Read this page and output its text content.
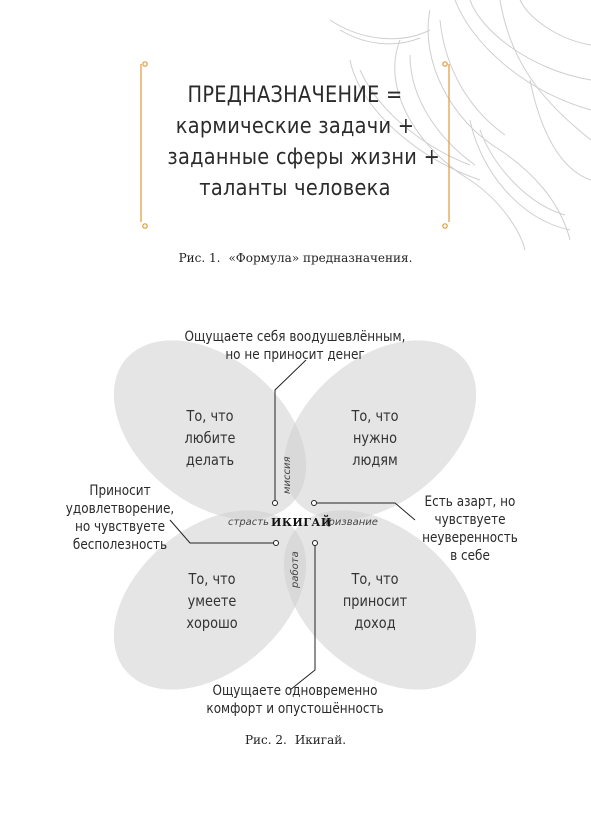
ПРЕДНАЗНАЧЕНИЕ =
кармические задачи +
заданные сферы жизни +
таланты человека
Рис. 1. «Формула» предназначения.
Ощущаете себя воодушевлённым,
но не приносит денег
Приносит
удовлетворение,
но чувствуете
бесполезность
Есть азарт, но
чувствуете
неуверенность
в себе
Ощущаете одновременно
комфорт и опустошённость
То, что
любите
делать
То, что
нужно
людям
То, что
умеете
хорошо
То, что
приносит
доход
миссия
страсть	призвание
работа
ИКИГАЙ
Рис. 2. Икигай.
